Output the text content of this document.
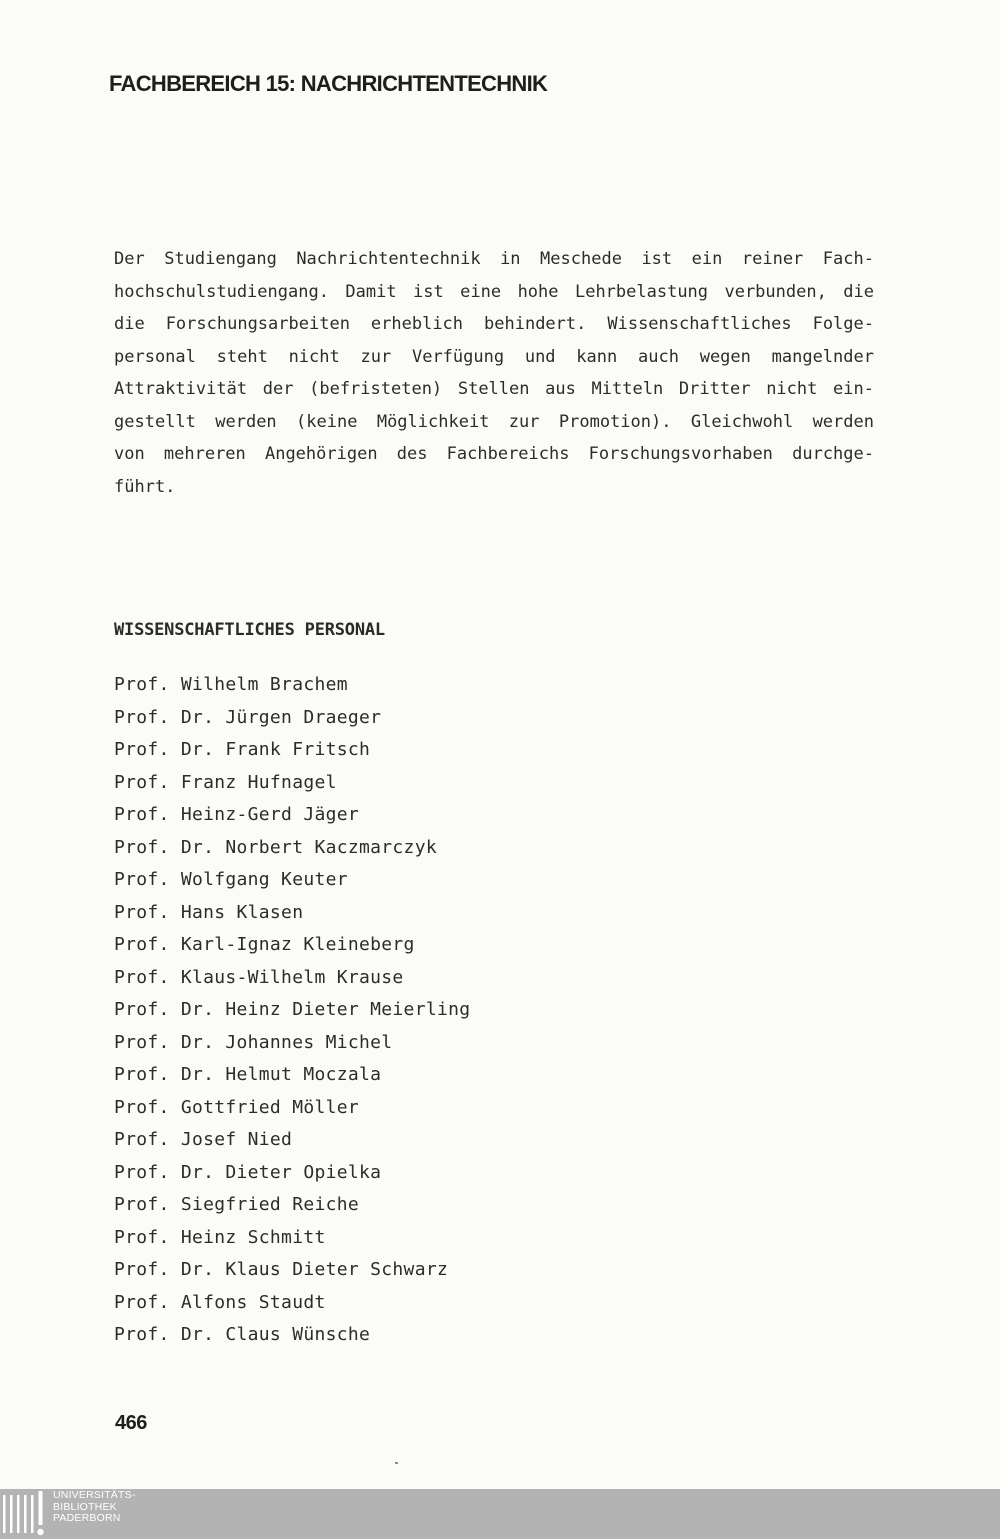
FACHBEREICH 15: NACHRICHTENTECHNIK
Der Studiengang Nachrichtentechnik in Meschede ist ein reiner Fach-
hochschulstudiengang. Damit ist eine hohe Lehrbelastung verbunden, die
die Forschungsarbeiten erheblich behindert. Wissenschaftliches Folge-
personal steht nicht zur Verfügung und kann auch wegen mangelnder
Attraktivität der (befristeten) Stellen aus Mitteln Dritter nicht ein-
gestellt werden (keine Möglichkeit zur Promotion). Gleichwohl werden
von mehreren Angehörigen des Fachbereichs Forschungsvorhaben durchge-
führt.
WISSENSCHAFTLICHES PERSONAL
Prof. Wilhelm Brachem
Prof. Dr. Jürgen Draeger
Prof. Dr. Frank Fritsch
Prof. Franz Hufnagel
Prof. Heinz-Gerd Jäger
Prof. Dr. Norbert Kaczmarczyk
Prof. Wolfgang Keuter
Prof. Hans Klasen
Prof. Karl-Ignaz Kleineberg
Prof. Klaus-Wilhelm Krause
Prof. Dr. Heinz Dieter Meierling
Prof. Dr. Johannes Michel
Prof. Dr. Helmut Moczala
Prof. Gottfried Möller
Prof. Josef Nied
Prof. Dr. Dieter Opielka
Prof. Siegfried Reiche
Prof. Heinz Schmitt
Prof. Dr. Klaus Dieter Schwarz
Prof. Alfons Staudt
Prof. Dr. Claus Wünsche
466
UNIVERSITÄTS-
BIBLIOTHEK
PADERBORN
